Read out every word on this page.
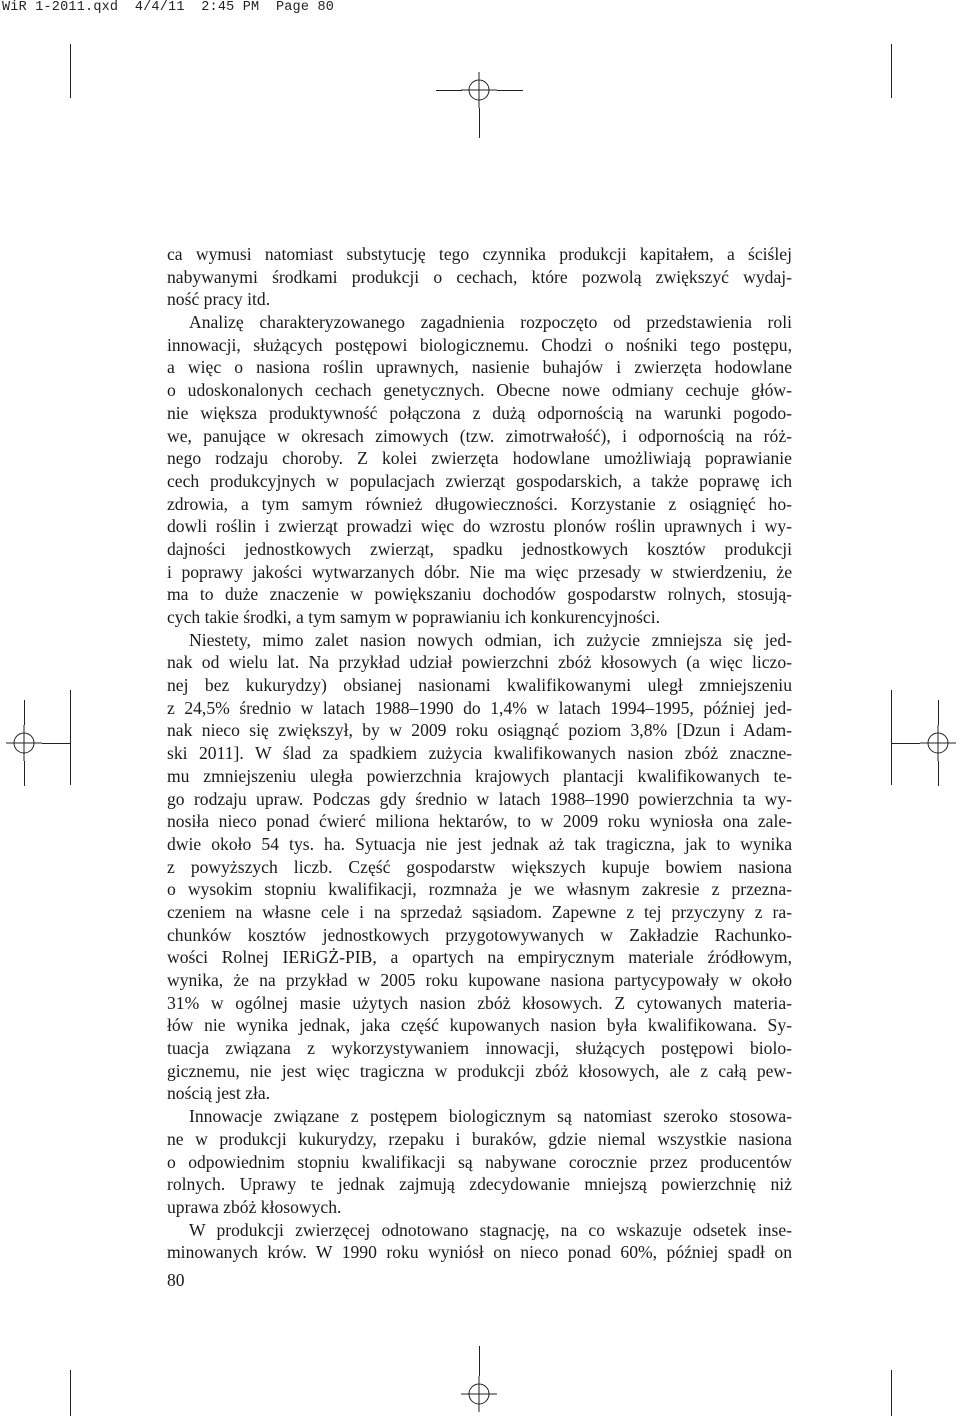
WiR 1-2011.qxd  4/4/11  2:45 PM  Page 80
ca wymusi natomiast substytucję tego czynnika produkcji kapitałem, a ściślej
nabywanymi środkami produkcji o cechach, które pozwolą zwiększyć wydaj-
ność pracy itd.
Analizę charakteryzowanego zagadnienia rozpoczęto od przedstawienia roli
innowacji, służących postępowi biologicznemu. Chodzi o nośniki tego postępu,
a więc o nasiona roślin uprawnych, nasienie buhajów i zwierzęta hodowlane
o udoskonalonych cechach genetycznych. Obecne nowe odmiany cechuje głów-
nie większa produktywność połączona z dużą odpornością na warunki pogodo-
we, panujące w okresach zimowych (tzw. zimotrwałość), i odpornością na róż-
nego rodzaju choroby. Z kolei zwierzęta hodowlane umożliwiają poprawianie
cech produkcyjnych w populacjach zwierząt gospodarskich, a także poprawę ich
zdrowia, a tym samym również długowieczności. Korzystanie z osiągnięć ho-
dowli roślin i zwierząt prowadzi więc do wzrostu plonów roślin uprawnych i wy-
dajności jednostkowych zwierząt, spadku jednostkowych kosztów produkcji
i poprawy jakości wytwarzanych dóbr. Nie ma więc przesady w stwierdzeniu, że
ma to duże znaczenie w powiększaniu dochodów gospodarstw rolnych, stosują-
cych takie środki, a tym samym w poprawianiu ich konkurencyjności.
Niestety, mimo zalet nasion nowych odmian, ich zużycie zmniejsza się jed-
nak od wielu lat. Na przykład udział powierzchni zbóż kłosowych (a więc liczo-
nej bez kukurydzy) obsianej nasionami kwalifikowanymi uległ zmniejszeniu
z 24,5% średnio w latach 1988–1990 do 1,4% w latach 1994–1995, później jed-
nak nieco się zwiększył, by w 2009 roku osiągnąć poziom 3,8% [Dzun i Adam-
ski 2011]. W ślad za spadkiem zużycia kwalifikowanych nasion zbóż znaczne-
mu zmniejszeniu uległa powierzchnia krajowych plantacji kwalifikowanych te-
go rodzaju upraw. Podczas gdy średnio w latach 1988–1990 powierzchnia ta wy-
nosiła nieco ponad ćwierć miliona hektarów, to w 2009 roku wyniosła ona zale-
dwie około 54 tys. ha. Sytuacja nie jest jednak aż tak tragiczna, jak to wynika
z powyższych liczb. Część gospodarstw większych kupuje bowiem nasiona
o wysokim stopniu kwalifikacji, rozmnaża je we własnym zakresie z przezna-
czeniem na własne cele i na sprzedaż sąsiadom. Zapewne z tej przyczyny z ra-
chunków kosztów jednostkowych przygotowywanych w Zakładzie Rachunko-
wości Rolnej IERiGŻ-PIB, a opartych na empirycznym materiale źródłowym,
wynika, że na przykład w 2005 roku kupowane nasiona partycypowały w około
31% w ogólnej masie użytych nasion zbóż kłosowych. Z cytowanych materia-
łów nie wynika jednak, jaka część kupowanych nasion była kwalifikowana. Sy-
tuacja związana z wykorzystywaniem innowacji, służących postępowi biolo-
gicznemu, nie jest więc tragiczna w produkcji zbóż kłosowych, ale z całą pew-
nością jest zła.
Innowacje związane z postępem biologicznym są natomiast szeroko stosowa-
ne w produkcji kukurydzy, rzepaku i buraków, gdzie niemal wszystkie nasiona
o odpowiednim stopniu kwalifikacji są nabywane corocznie przez producentów
rolnych. Uprawy te jednak zajmują zdecydowanie mniejszą powierzchnię niż
uprawa zbóż kłosowych.
W produkcji zwierzęcej odnotowano stagnację, na co wskazuje odsetek inse-
minowanych krów. W 1990 roku wyniósł on nieco ponad 60%, później spadł on
80
